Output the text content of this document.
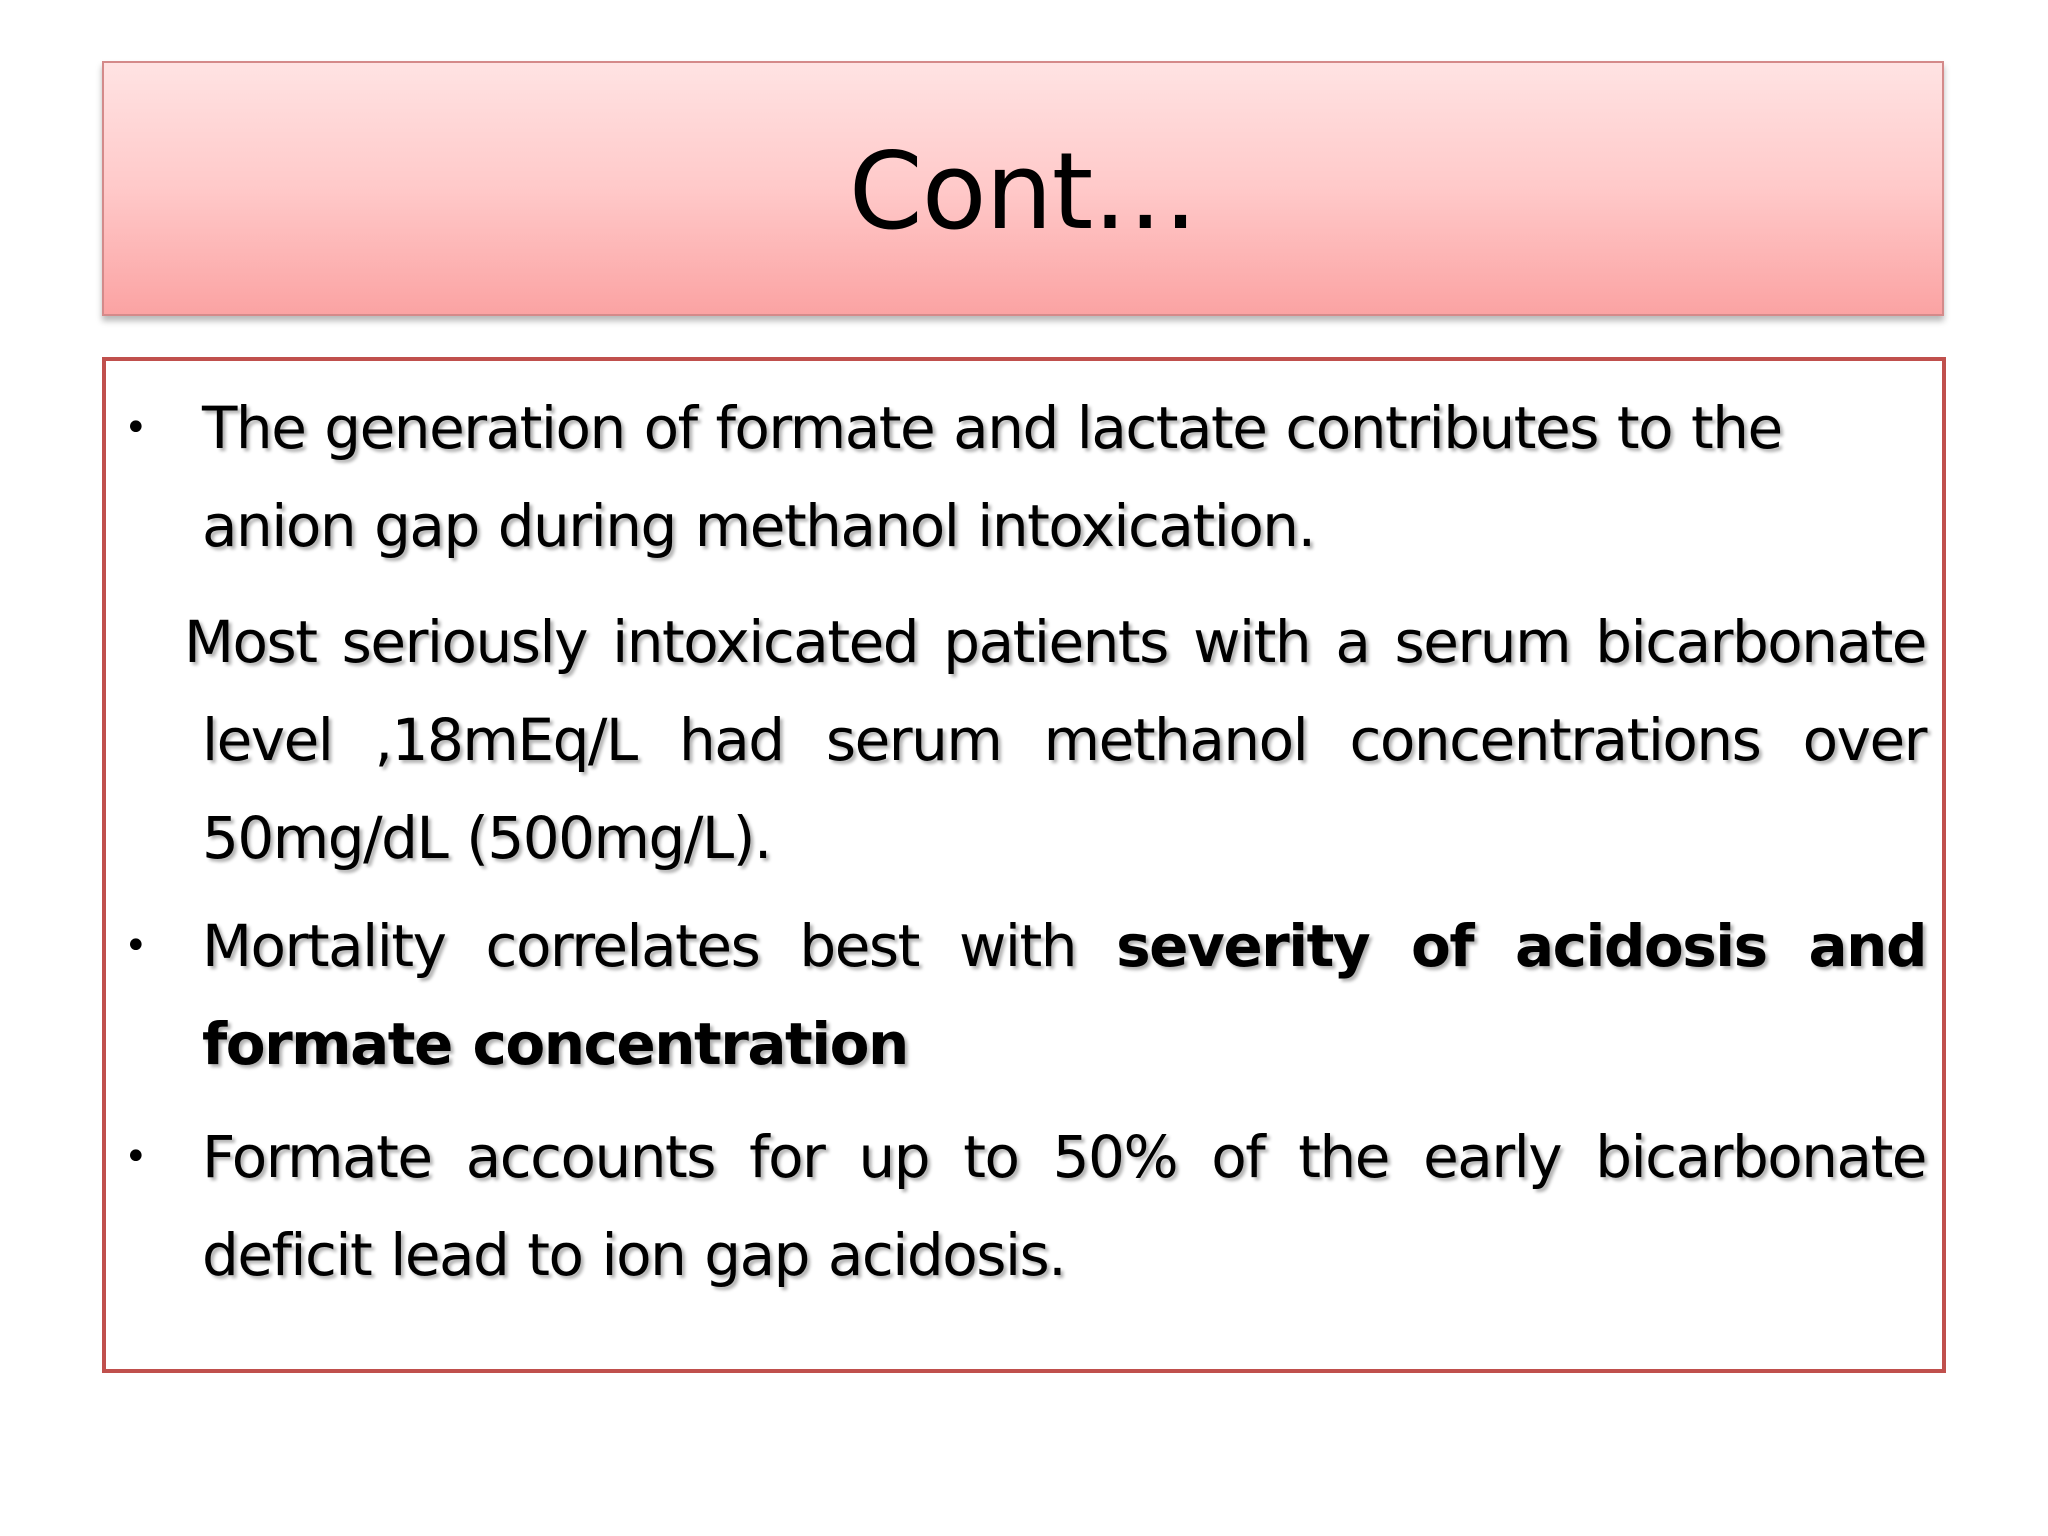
Cont…
• The generation of formate and lactate contributes to the
anion gap during methanol intoxication.
Most seriously intoxicated patients with a serum bicarbonate
level ,18mEq/L had serum methanol concentrations over
50mg/dL (500mg/L).
• Mortality correlates best with severity of acidosis and
formate concentration
• Formate accounts for up to 50% of the early bicarbonate
deficit lead to ion gap acidosis.
